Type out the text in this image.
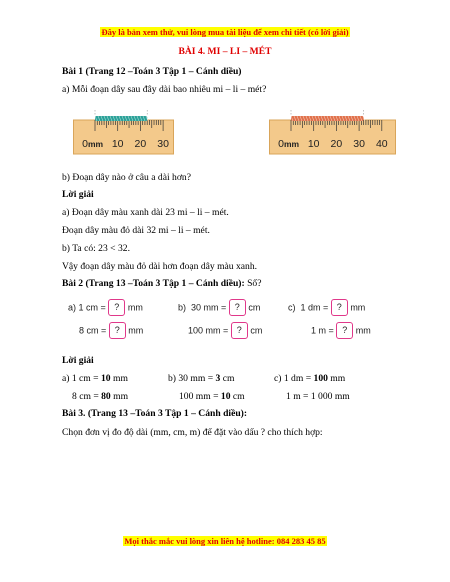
Đây là bản xem thử, vui lòng mua tài liệu để xem chi tiết (có lời giải)
BÀI 4. MI – LI – MÉT
Bài 1 (Trang 12 –Toán 3 Tập 1 – Cánh diều)
a) Mỗi đoạn dây sau đây dài bao nhiêu mi – li – mét?
0 10 20 30
mm	0 10 20 30 40
mm
b) Đoạn dây nào ở câu a dài hơn?
Lời giải
a) Đoạn dây màu xanh dài 23 mi – li – mét.
Đoạn dây màu đỏ dài 32 mi – li – mét.
b) Ta có: 23 < 32.
Vậy đoạn dây màu đỏ dài hơn đoạn dây màu xanh.
Bài 2 (Trang 13 –Toán 3 Tập 1 – Cánh diều): Số?
a) 1 cm = ? mm	b) 30 mm = ? cm	c) 1 dm = ? mm
8 cm = ? mm	100 mm = ? cm	1 m = ? mm
Lời giải
a) 1 cm = 10 mm	b) 30 mm = 3 cm	c) 1 dm = 100 mm
8 cm = 80 mm	100 mm = 10 cm	1 m = 1 000 mm
Bài 3. (Trang 13 –Toán 3 Tập 1 – Cánh diều):
Chọn đơn vị đo độ dài (mm, cm, m) để đặt vào dấu ? cho thích hợp:
Mọi thắc mắc vui lòng xin liên hệ hotline: 084 283 45 85
